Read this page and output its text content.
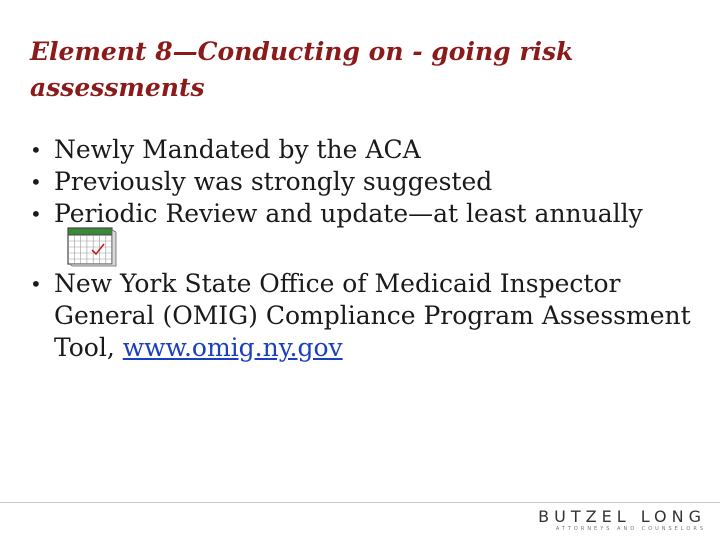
Element 8—Conducting on - going risk assessments
• Newly Mandated by the ACA
• Previously was strongly suggested
• Periodic Review and update—at least annually
• New York State Office of Medicaid Inspector General (OMIG) Compliance Program Assessment Tool, www.omig.ny.gov
BUTZEL LONG
ATTORNEYS AND COUNSELORS
